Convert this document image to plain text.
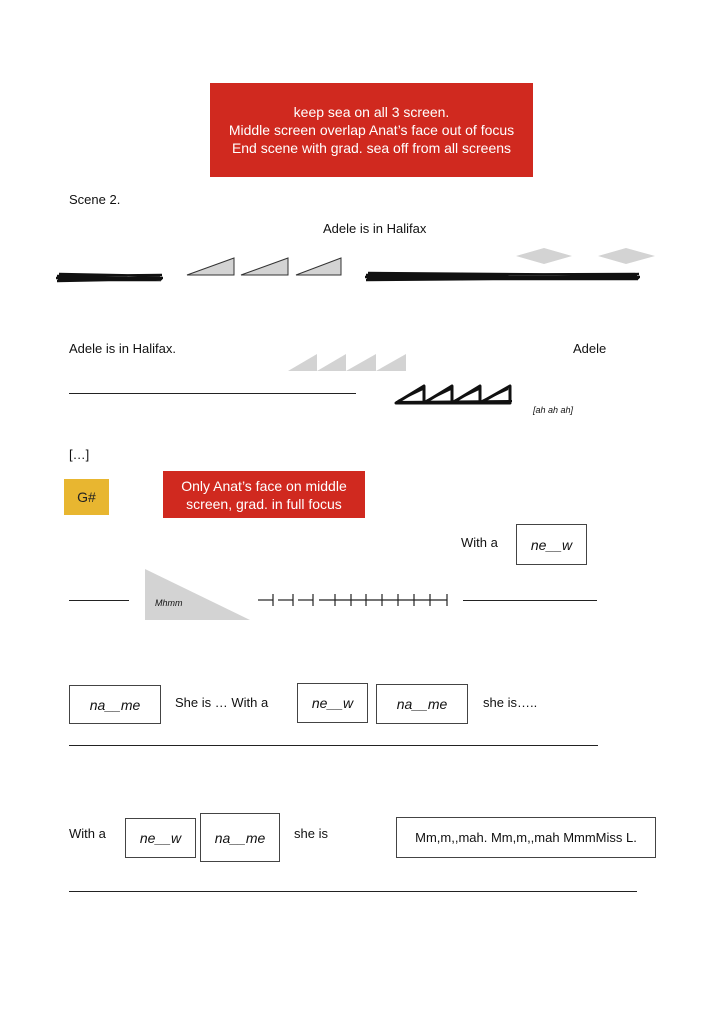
keep sea on all 3 screen.
Middle screen overlap Anat’s face out of focus
End scene with grad. sea off from all screens
Scene 2.
Adele is in Halifax
Adele is in Halifax.	Adele
[ah ah ah]
[…]
G#
Only Anat’s face on middle
screen, grad. in full focus
With a	ne__w
Mhmm
na__me	She is … With a	ne__w	na__me	she is…..
With a	ne__w	na__me	she is	Mm,m,,mah. Mm,m,,mah MmmMiss L.
